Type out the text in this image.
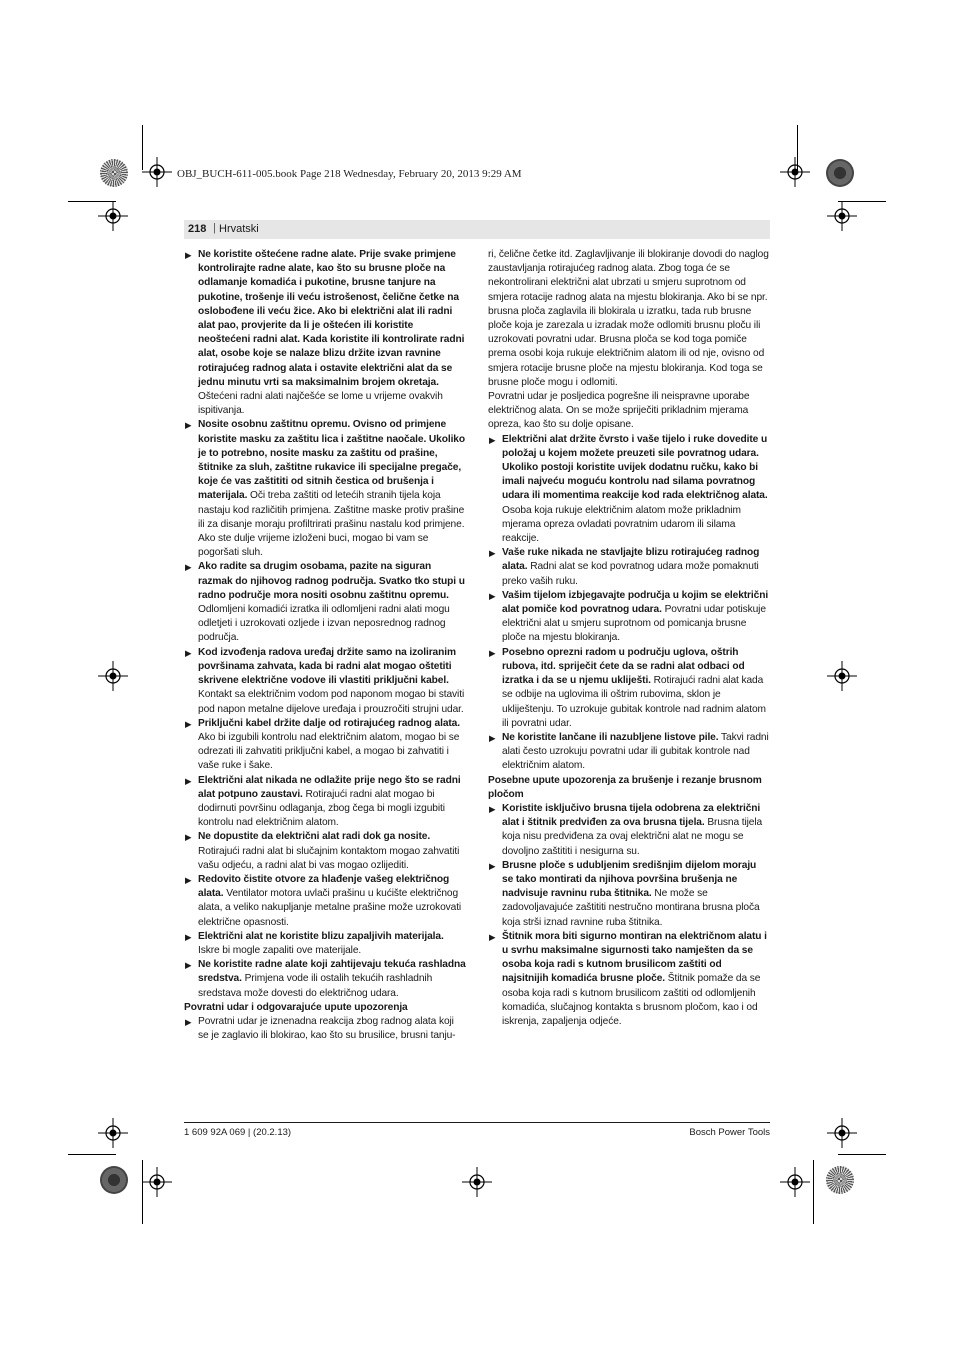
OBJ_BUCH-611-005.book Page 218 Wednesday, February 20, 2013 9:29 AM
218 | Hrvatski

▶ Ne koristite oštećene radne alate. Prije svake primjene kontrolirajte radne alate, kao što su brusne ploče na odlamanje komadića i pukotine, brusne tanjure na pukotine, trošenje ili veću istrošenost, čelične četke na oslobođene ili veću žice. Ako bi električni alat ili radni alat pao, provjerite da li je oštećen ili koristite neoštećeni radni alat. Kada koristite ili kontrolirate radni alat, osobe koje se nalaze blizu držite izvan ravnine rotirajućeg radnog alata i ostavite električni alat da se jednu minutu vrti sa maksimalnim brojem okretaja. Oštećeni radni alati najčešće se lome u vrijeme ovakvih ispitivanja.

▶ Nosite osobnu zaštitnu opremu. Ovisno od primjene koristite masku za zaštitu lica i zaštitne naočale. Ukoliko je to potrebno, nosite masku za zaštitu od prašine, štitnike za sluh, zaštitne rukavice ili specijalne pregače, koje će vas zaštititi od sitnih čestica od brušenja i materijala. Oči treba zaštiti od letećih stranih tijela koja nastaju kod različitih primjena. Zaštitne maske protiv prašine ili za disanje moraju profiltrirati prašinu nastalu kod primjene. Ako ste dulje vrijeme izloženi buci, mogao bi vam se pogoršati sluh.

▶ Ako radite sa drugim osobama, pazite na siguran razmak do njihovog radnog područja. Svatko tko stupi u radno područje mora nositi osobnu zaštitnu opremu. Odlomljeni komadići izratka ili odlomljeni radni alati mogu odletjeti i uzrokovati ozljede i izvan neposrednog radnog područja.

▶ Kod izvođenja radova uređaj držite samo na izoliranim površinama zahvata, kada bi radni alat mogao oštetiti skrivene električne vodove ili vlastiti priključni kabel. Kontakt sa električnim vodom pod naponom mogao bi staviti pod napon metalne dijelove uređaja i prouzročiti strujni udar.

▶ Priključni kabel držite dalje od rotirajućeg radnog alata. Ako bi izgubili kontrolu nad električnim alatom, mogao bi se odrezati ili zahvatiti priključni kabel, a mogao bi zahvatiti i vaše ruke i šake.

▶ Električni alat nikada ne odlažite prije nego što se radni alat potpuno zaustavi. Rotirajući radni alat mogao bi dodirnuti površinu odlaganja, zbog čega bi mogli izgubiti kontrolu nad električnim alatom.

▶ Ne dopustite da električni alat radi dok ga nosite. Rotirajući radni alat bi slučajnim kontaktom mogao zahvatiti vašu odjeću, a radni alat bi vas mogao ozlijediti.

▶ Redovito čistite otvore za hlađenje vašeg električnog alata. Ventilator motora uvlači prašinu u kućište električnog alata, a veliko nakupljanje metalne prašine može uzrokovati električne opasnosti.

▶ Električni alat ne koristite blizu zapaljivih materijala. Iskre bi mogle zapaliti ove materijale.

▶ Ne koristite radne alate koji zahtijevaju tekuća rashladna sredstva. Primjena vode ili ostalih tekućih rashladnih sredstava može dovesti do električnog udara.

Povratni udar i odgovarajuće upute upozorenja

▶ Povratni udar je iznenadna reakcija zbog radnog alata koji se je zaglavio ili blokirao, kao što su brusilice, brusni tanju-

ri, čelične četke itd. Zaglavljivanje ili blokiranje dovodi do naglog zaustavljanja rotirajućeg radnog alata. Zbog toga će se nekontrolirani električni alat ubrzati u smjeru suprotnom od smjera rotacije radnog alata na mjestu blokiranja. Ako bi se npr. brusna ploča zaglavila ili blokirala u izratku, tada rub brusne ploče koja je zarezala u izradak može odlomiti brusnu ploču ili uzrokovati povratni udar. Brusna ploča se kod toga pomiče prema osobi koja rukuje električnim alatom ili od nje, ovisno od smjera rotacije brusne ploče na mjestu blokiranja. Kod toga se brusne ploče mogu i odlomiti.

Povratni udar je posljedica pogrešne ili neispravne uporabe električnog alata. On se može spriječiti prikladnim mjerama opreza, kao što su dolje opisane.

▶ Električni alat držite čvrsto i vaše tijelo i ruke dovedite u položaj u kojem možete preuzeti sile povratnog udara. Ukoliko postoji koristite uvijek dodatnu ručku, kako bi imali najveću moguću kontrolu nad silama povratnog udara ili momentima reakcije kod rada električnog alata. Osoba koja rukuje električnim alatom može prikladnim mjerama opreza ovladati povratnim udarom ili silama reakcije.

▶ Vaše ruke nikada ne stavljajte blizu rotirajućeg radnog alata. Radni alat se kod povratnog udara može pomaknuti preko vaših ruku.

▶ Vašim tijelom izbjegavajte područja u kojim se električni alat pomiče kod povratnog udara. Povratni udar potiskuje električni alat u smjeru suprotnom od pomicanja brusne ploče na mjestu blokiranja.

▶ Posebno oprezni radom u području uglova, oštrih rubova, itd. spriječit ćete da se radni alat odbaci od izratka i da se u njemu ukliješti. Rotirajući radni alat kada se odbije na uglovima ili oštrim rubovima, sklon je ukliještenju. To uzrokuje gubitak kontrole nad radnim alatom ili povratni udar.

▶ Ne koristite lančane ili nazubljene listove pile. Takvi radni alati često uzrokuju povratni udar ili gubitak kontrole nad električnim alatom.

Posebne upute upozorenja za brušenje i rezanje brusnom pločom

▶ Koristite isključivo brusna tijela odobrena za električni alat i štitnik predviđen za ova brusna tijela. Brusna tijela koja nisu predviđena za ovaj električni alat ne mogu se dovoljno zaštititi i nesigurna su.

▶ Brusne ploče s udubljenim središnjim dijelom moraju se tako montirati da njihova površina brušenja ne nadvisuje ravninu ruba štitnika. Ne može se zadovoljavajuće zaštititi nestručno montirana brusna ploča koja strši iznad ravnine ruba štitnika.

▶ Štitnik mora biti sigurno montiran na električnom alatu i u svrhu maksimalne sigurnosti tako namješten da se osoba koja radi s kutnom brusilicom zaštiti od najsitnijih komadića brusne ploče. Štitnik pomaže da se osoba koja radi s kutnom brusilicom zaštiti od odlomljenih komadića, slučajnog kontakta s brusnom pločom, kao i od iskrenja, zapaljenja odjeće.

1 609 92A 069 | (20.2.13)	Bosch Power Tools
